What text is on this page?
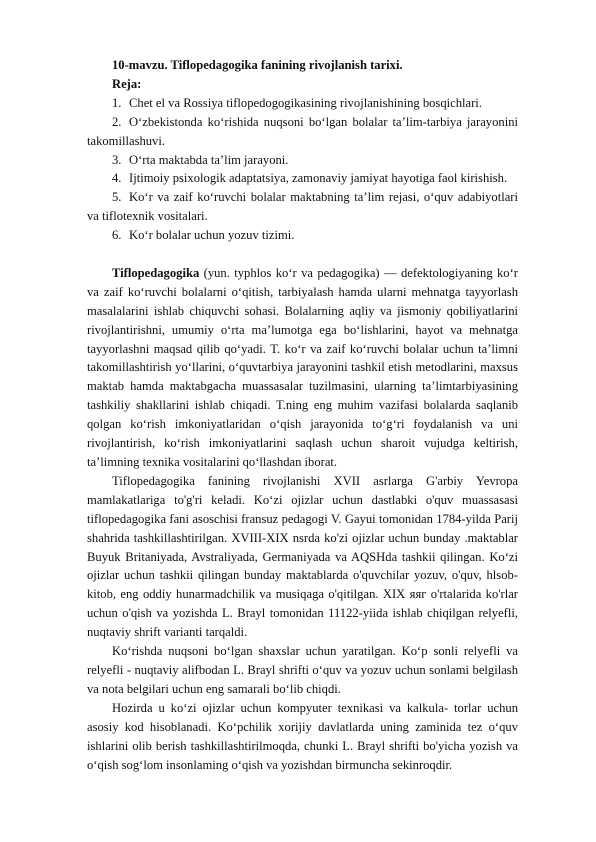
10-mavzu. Tiflopedagogika fanining rivojlanish tarixi.

Reja:

1. Chet el va Rossiya tiflopedogogikasining rivojlanishining bosqichlari.
2. O‘zbekistonda ko‘rishida nuqsoni bo‘lgan bolalar ta’lim-tarbiya jarayonini takomillashuvi.
3. O‘rta maktabda ta’lim jarayoni.
4. Ijtimoiy psixologik adaptatsiya, zamonaviy jamiyat hayotiga faol kirishish.
5. Ko‘r va zaif ko‘ruvchi bolalar maktabning ta’lim rejasi, o‘quv adabiyotlari va tiflotexnik vositalari.
6. Ko‘r bolalar uchun yozuv tizimi.

Tiflopedagogika (yun. typhlos ko‘r va pedagogika) — defektologiyaning ko‘r va zaif ko‘ruvchi bolalarni o‘qitish, tarbiyalash hamda ularni mehnatga tayyorlash masalalarini ishlab chiquvchi sohasi. Bolalarning aqliy va jismoniy qobiliyatlarini rivojlantirishni, umumiy o‘rta ma’lumotga ega bo‘lishlarini, hayot va mehnatga tayyorlashni maqsad qilib qo‘yadi. T. ko‘r va zaif ko‘ruvchi bolalar uchun ta’limni takomillashtirish yo‘llarini, o‘quvtarbiya jarayonini tashkil etish metodlarini, maxsus maktab hamda maktabgacha muassasalar tuzilmasini, ularning ta’limtarbiyasining tashkiliy shakllarini ishlab chiqadi. T.ning eng muhim vazifasi bolalarda saqlanib qolgan ko‘rish imkoniyatlaridan o‘qish jarayonida to‘g‘ri foydalanish va uni rivojlantirish, ko‘rish imkoniyatlarini saqlash uchun sharoit vujudga keltirish, ta’limning texnika vositalarini qo‘llashdan iborat.

Tiflopedagogika fanining rivojlanishi XVII asrlarga G'arbiy Yevropa mamlakatlariga to'g'ri keladi. Ko‘zi ojizlar uchun dastlabki o'quv muassasasi tiflopedagogika fani asoschisi fransuz pedagogi V. Gayui tomonidan 1784-yilda Parij shahrida tashkillashtirilgan. XVIII-XIX nsrda ko'zi ojizlar uchun bunday .maktablar Buyuk Britaniyada, Avstraliyada, Germaniyada va AQSHda tashkii qilingan. Ko‘zi ojizlar uchun tashkii qilingan bunday maktablarda o'quvchilar yozuv, o'quv, hlsob-kitob, eng oddiy hunarmadchilik va musiqaga o'qitilgan. XIX яяг o'rtalarida ko'rlar uchun o'qish va yozishda L. Brayl tomonidan 11122-yiida ishlab chiqilgan relyefli, nuqtaviy shrift varianti tarqaldi.

Ko‘rishda nuqsoni bo‘lgan shaxslar uchun yaratilgan. Ko‘p sonli relyefli va relyefli - nuqtaviy alifbodan L. Brayl shrifti o‘quv va yozuv uchun sonlami belgilash va nota belgilari uchun eng samarali bo‘lib chiqdi.

Hozirda u ko‘zi ojizlar uchun kompyuter texnikasi va kalkula- torlar uchun asosiy kod hisoblanadi. Ko‘pchilik xorijiy davlatlarda uning zaminida tez o‘quv ishlarini olib berish tashkillashtirilmoqda, chunki L. Brayl shrifti bo'yicha yozish va o‘qish sog‘lom insonlaming o‘qish va yozishdan birmuncha sekinroqdir.
